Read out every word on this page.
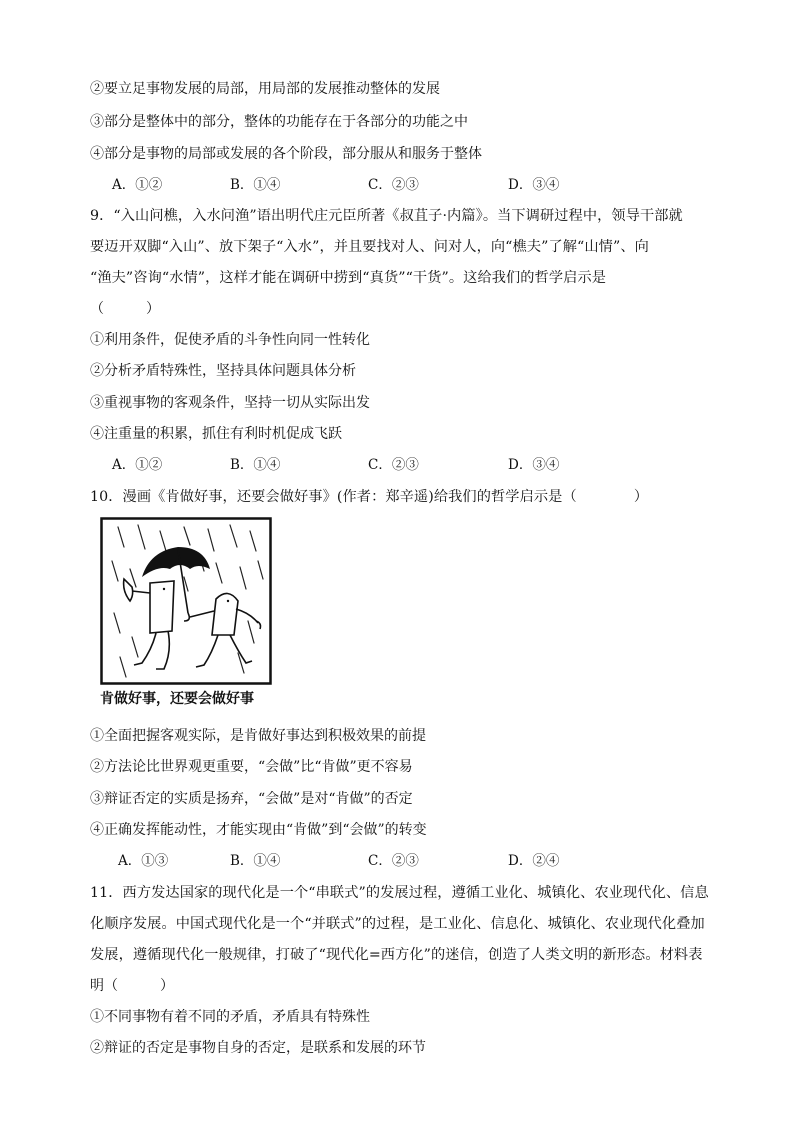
②要立足事物发展的局部，用局部的发展推动整体的发展
③部分是整体中的部分，整体的功能存在于各部分的功能之中
④部分是事物的局部或发展的各个阶段，部分服从和服务于整体
A．①②	B．①④	C．②③	D．③④
9．“入山问樵，入水问渔”语出明代庄元臣所著《叔苴子·内篇》。当下调研过程中，领导干部就
要迈开双脚“入山”、放下架子“入水”，并且要找对人、问对人，向“樵夫”了解“山情”、向
“渔夫”咨询“水情”，这样才能在调研中捞到“真货”“干货”。这给我们的哲学启示是
（　　　）
①利用条件，促使矛盾的斗争性向同一性转化
②分析矛盾特殊性，坚持具体问题具体分析
③重视事物的客观条件，坚持一切从实际出发
④注重量的积累，抓住有利时机促成飞跃
A．①②	B．①④	C．②③	D．③④
10．漫画《肯做好事，还要会做好事》(作者：郑辛遥)给我们的哲学启示是（　　　　）
肯做好事，还要会做好事
①全面把握客观实际，是肯做好事达到积极效果的前提
②方法论比世界观更重要，“会做”比“肯做”更不容易
③辩证否定的实质是扬弃，“会做”是对“肯做”的否定
④正确发挥能动性，才能实现由“肯做”到“会做”的转变
A．①③	B．①④	C．②③	D．②④
11．西方发达国家的现代化是一个“串联式”的发展过程，遵循工业化、城镇化、农业现代化、信息
化顺序发展。中国式现代化是一个“并联式”的过程，是工业化、信息化、城镇化、农业现代化叠加
发展，遵循现代化一般规律，打破了“现代化=西方化”的迷信，创造了人类文明的新形态。材料表
明（　　　）
①不同事物有着不同的矛盾，矛盾具有特殊性
②辩证的否定是事物自身的否定，是联系和发展的环节
